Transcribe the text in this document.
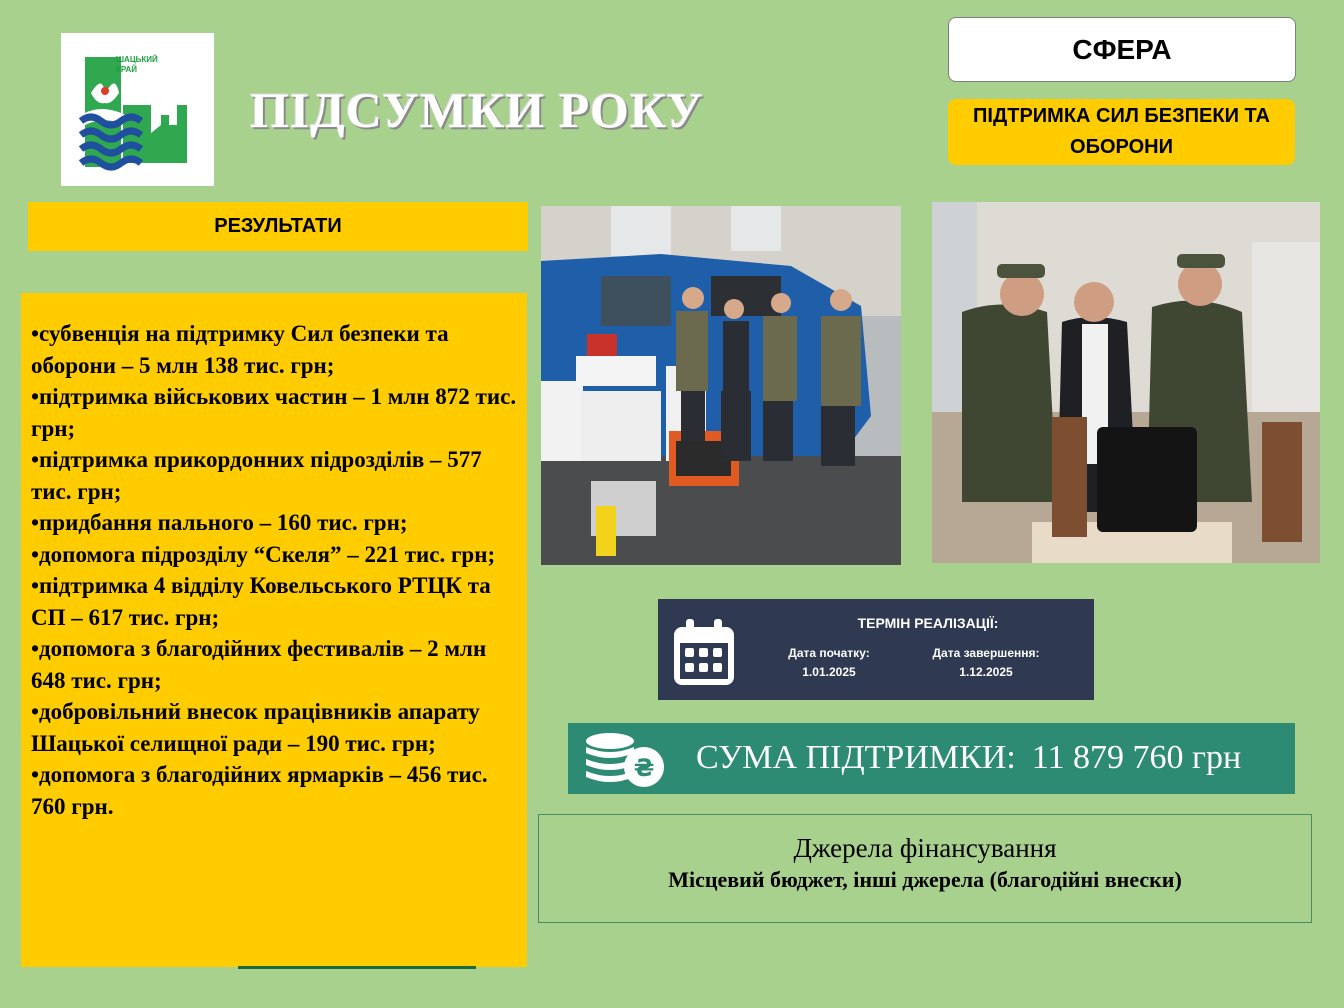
ШАЦЬКИЙ
КРАЙ
ПІДСУМКИ РОКУ
СФЕРА
ПІДТРИМКА СИЛ БЕЗПЕКИ ТА ОБОРОНИ
РЕЗУЛЬТАТИ
•субвенція на підтримку Сил безпеки та оборони – 5 млн 138 тис. грн;
•підтримка військових частин – 1 млн 872 тис. грн;
•підтримка прикордонних підрозділів – 577 тис. грн;
•придбання пального – 160 тис. грн;
•допомога підрозділу “Скеля” – 221 тис. грн;
•підтримка 4 відділу Ковельського РТЦК та СП – 617 тис. грн;
•допомога з благодійних фестивалів – 2 млн 648 тис. грн;
•добровільний внесок працівників апарату Шацької селищної ради – 190 тис. грн;
•допомога з благодійних ярмарків – 456 тис. 760 грн.
ТЕРМІН РЕАЛІЗАЦІЇ:
Дата початку:
1.01.2025
Дата завершення:
1.12.2025
₴ СУМА ПІДТРИМКИ: 11 879 760 грн
Джерела фінансування
Місцевий бюджет, інші джерела (благодійні внески)
